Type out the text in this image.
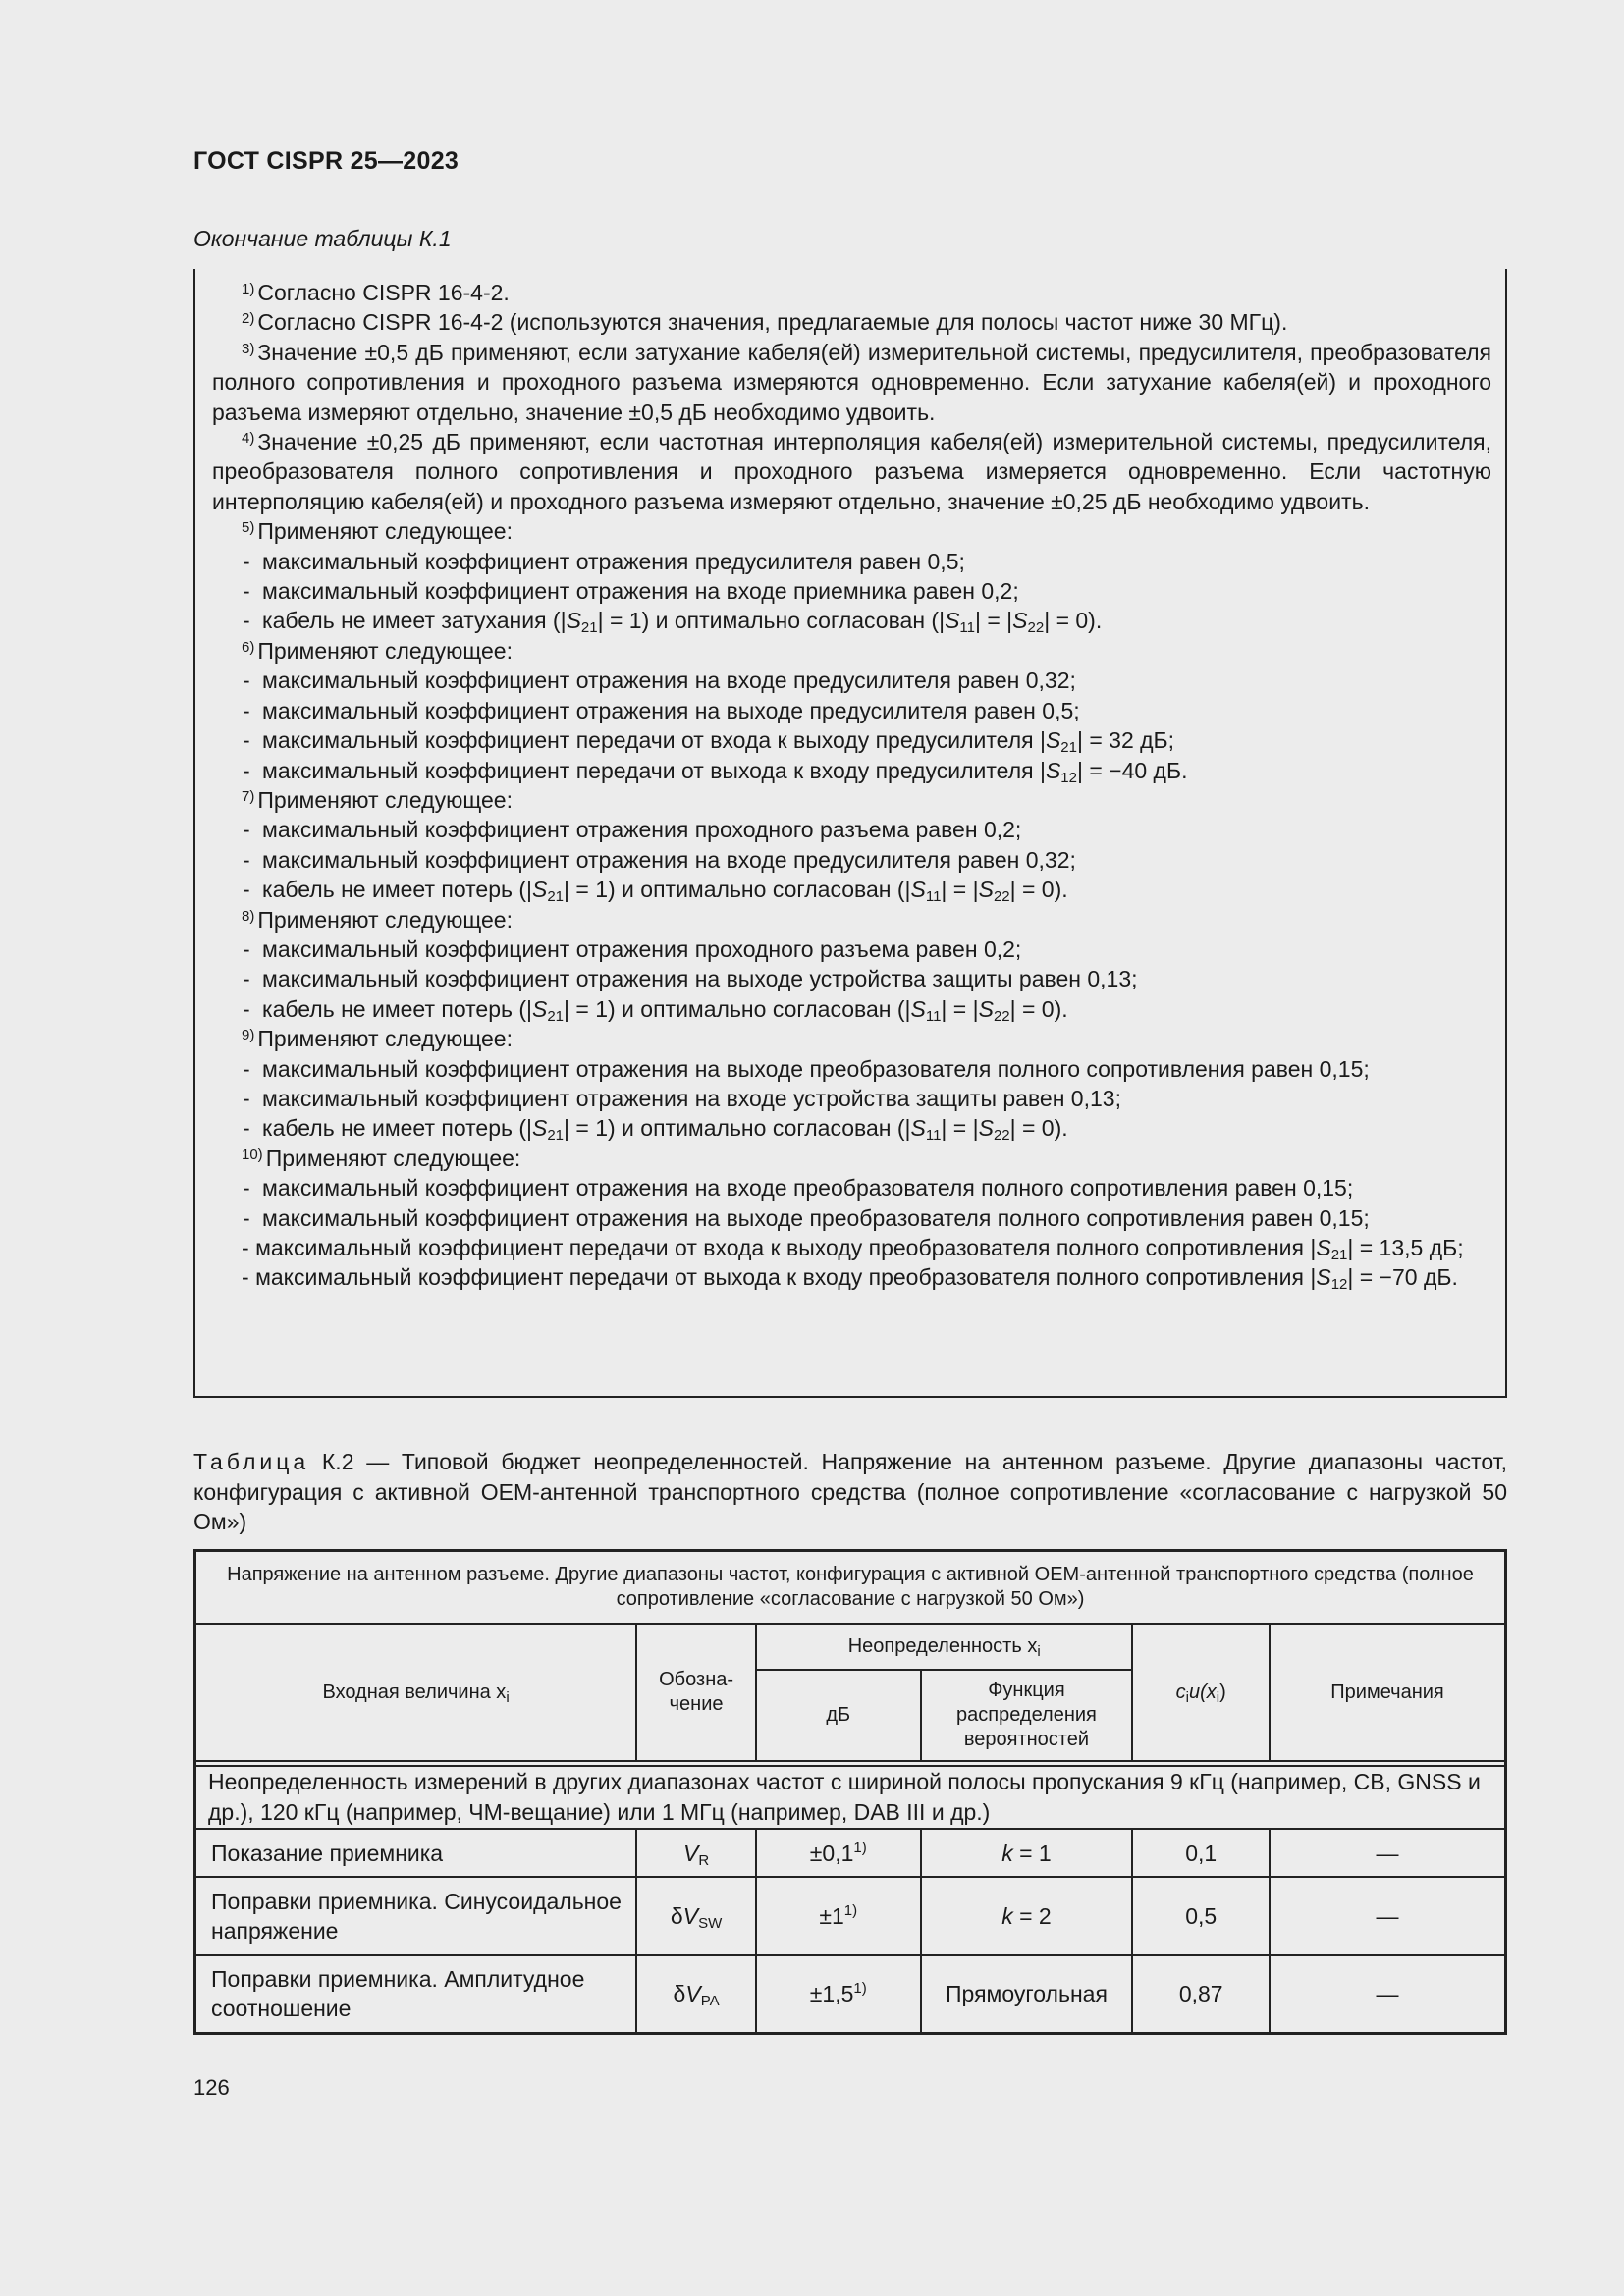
ГОСТ CISPR 25—2023
Окончание таблицы К.1
$^{1)}$ Согласно CISPR 16-4-2.
$^{2)}$ Согласно CISPR 16-4-2 (используются значения, предлагаемые для полосы частот ниже 30 МГц).
$^{3)}$ Значение ±0,5 дБ применяют, если затухание кабеля(ей) измерительной системы, предусилителя, преобразователя полного сопротивления и проходного разъема измеряются одновременно. Если затухание кабеля(ей) и проходного разъема измеряют отдельно, значение ±0,5 дБ необходимо удвоить.
$^{4)}$ Значение ±0,25 дБ применяют, если частотная интерполяция кабеля(ей) измерительной системы, предусилителя, преобразователя полного сопротивления и проходного разъема измеряется одновременно. Если частотную интерполяцию кабеля(ей) и проходного разъема измеряют отдельно, значение ±0,25 дБ необходимо удвоить.
$^{5)}$ Применяют следующее:
- максимальный коэффициент отражения предусилителя равен 0,5;
- максимальный коэффициент отражения на входе приемника равен 0,2;
- кабель не имеет затухания $(|S_{21}| = 1)$ и оптимально согласован $(|S_{11}| = |S_{22}| = 0)$.
$^{6)}$ Применяют следующее:
- максимальный коэффициент отражения на входе предусилителя равен 0,32;
- максимальный коэффициент отражения на выходе предусилителя равен 0,5;
- максимальный коэффициент передачи от входа к выходу предусилителя $|S_{21}| = 32$ дБ;
- максимальный коэффициент передачи от выхода к входу предусилителя $|S_{12}| = -40$ дБ.
$^{7)}$ Применяют следующее:
- максимальный коэффициент отражения проходного разъема равен 0,2;
- максимальный коэффициент отражения на входе предусилителя равен 0,32;
- кабель не имеет потерь $(|S_{21}| = 1)$ и оптимально согласован $(|S_{11}| = |S_{22}| = 0)$.
$^{8)}$ Применяют следующее:
- максимальный коэффициент отражения проходного разъема равен 0,2;
- максимальный коэффициент отражения на выходе устройства защиты равен 0,13;
- кабель не имеет потерь $(|S_{21}| = 1)$ и оптимально согласован $(|S_{11}| = |S_{22}| = 0)$.
$^{9)}$ Применяют следующее:
- максимальный коэффициент отражения на выходе преобразователя полного сопротивления равен 0,15;
- максимальный коэффициент отражения на входе устройства защиты равен 0,13;
- кабель не имеет потерь $(|S_{21}| = 1)$ и оптимально согласован $(|S_{11}| = |S_{22}| = 0)$.
$^{10)}$ Применяют следующее:
- максимальный коэффициент отражения на входе преобразователя полного сопротивления равен 0,15;
- максимальный коэффициент отражения на выходе преобразователя полного сопротивления равен 0,15;
- максимальный коэффициент передачи от входа к выходу преобразователя полного сопротивления $|S_{21}| = 13,5$ дБ;
- максимальный коэффициент передачи от выхода к входу преобразователя полного сопротивления $|S_{12}| = -70$ дБ.
Таблица К.2 — Типовой бюджет неопределенностей. Напряжение на антенном разъеме. Другие диапазоны частот, конфигурация с активной OEM-антенной транспортного средства (полное сопротивление «согласование с нагрузкой 50 Ом»)
Напряжение на антенном разъеме. Другие диапазоны частот, конфигурация с активной OEM-антенной транспортного средства (полное сопротивление «согласование с нагрузкой 50 Ом»)					
Входная величина $x_i$	Обозна-чение	Неопределенность $x_i$		$c_iu(x_i)$	Примечания
		дБ	Функция распределения вероятностей		

Неопределенность измерений в других диапазонах частот с шириной полосы пропускания 9 кГц (например, СВ, GNSS и др.), 120 кГц (например, ЧМ-вещание) или 1 МГц (например, DAB III и др.)					
Показание приемника	$V_R$	$\pm 0,1^{1)}$	k = 1	0,1	—
Поправки приемника. Синусоидальное напряжение	$\delta V_{SW}$	$\pm 1^{1)}$	k = 2	0,5	—
Поправки приемника. Амплитудное соотношение	$\delta V_{PA}$	$\pm 1,5^{1)}$	Прямоугольная	0,87	—
126
